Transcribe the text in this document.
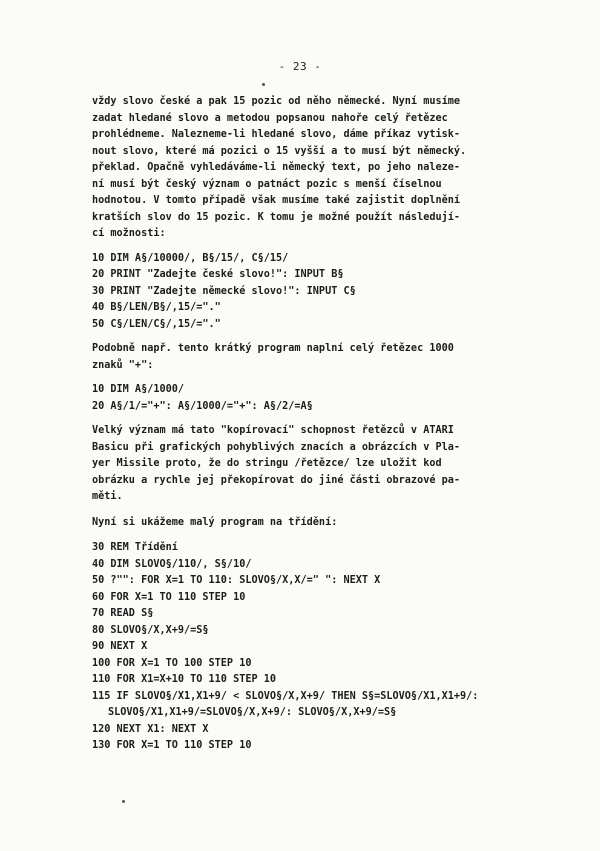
- 23 -
vždy slovo české a pak 15 pozic od něho německé. Nyní musíme
zadat hledané slovo a metodou popsanou nahoře celý řetězec
prohlédneme. Nalezneme-li hledané slovo, dáme příkaz vytisk-
nout slovo, které má pozici o 15 vyšší a to musí být německý.
překlad. Opačně vyhledáváme-li německý text, po jeho naleze-
ní musí být český význam o patnáct pozic s menší číselnou
hodnotou. V tomto případě však musíme také zajistit doplnění
kratších slov do 15 pozic. K tomu je možné použít následují-
cí možnosti:
10 DIM A§/10000/, B§/15/, C§/15/
20 PRINT "Zadejte české slovo!": INPUT B§
30 PRINT "Zadejte německé slovo!": INPUT C§
40 B§/LEN/B§/,15/="."
50 C§/LEN/C§/,15/="."
Podobně např. tento krátký program naplní celý řetězec 1000
znaků "+":
10 DIM A§/1000/
20 A§/1/="+": A§/1000/="+": A§/2/=A§
Velký význam má tato "kopírovací" schopnost řetězců v ATARI
Basicu při grafických pohyblivých znacích a obrázcích v Pla-
yer Missile proto, že do stringu /řetězce/ lze uložit kod
obrázku a rychle jej překopírovat do jiné části obrazové pa-
měti.
Nyní si ukážeme malý program na třídění:
30 REM Třídění
40 DIM SLOVO§/110/, S§/10/
50 ?"": FOR X=1 TO 110: SLOVO§/X,X/=" ": NEXT X
60 FOR X=1 TO 110 STEP 10
70 READ S§
80 SLOVO§/X,X+9/=S§
90 NEXT X
100 FOR X=1 TO 100 STEP 10
110 FOR X1=X+10 TO 110 STEP 10
115 IF SLOVO§/X1,X1+9/ < SLOVO§/X,X+9/ THEN S§=SLOVO§/X1,X1+9/:
SLOVO§/X1,X1+9/=SLOVO§/X,X+9/: SLOVO§/X,X+9/=S§
120 NEXT X1: NEXT X
130 FOR X=1 TO 110 STEP 10
